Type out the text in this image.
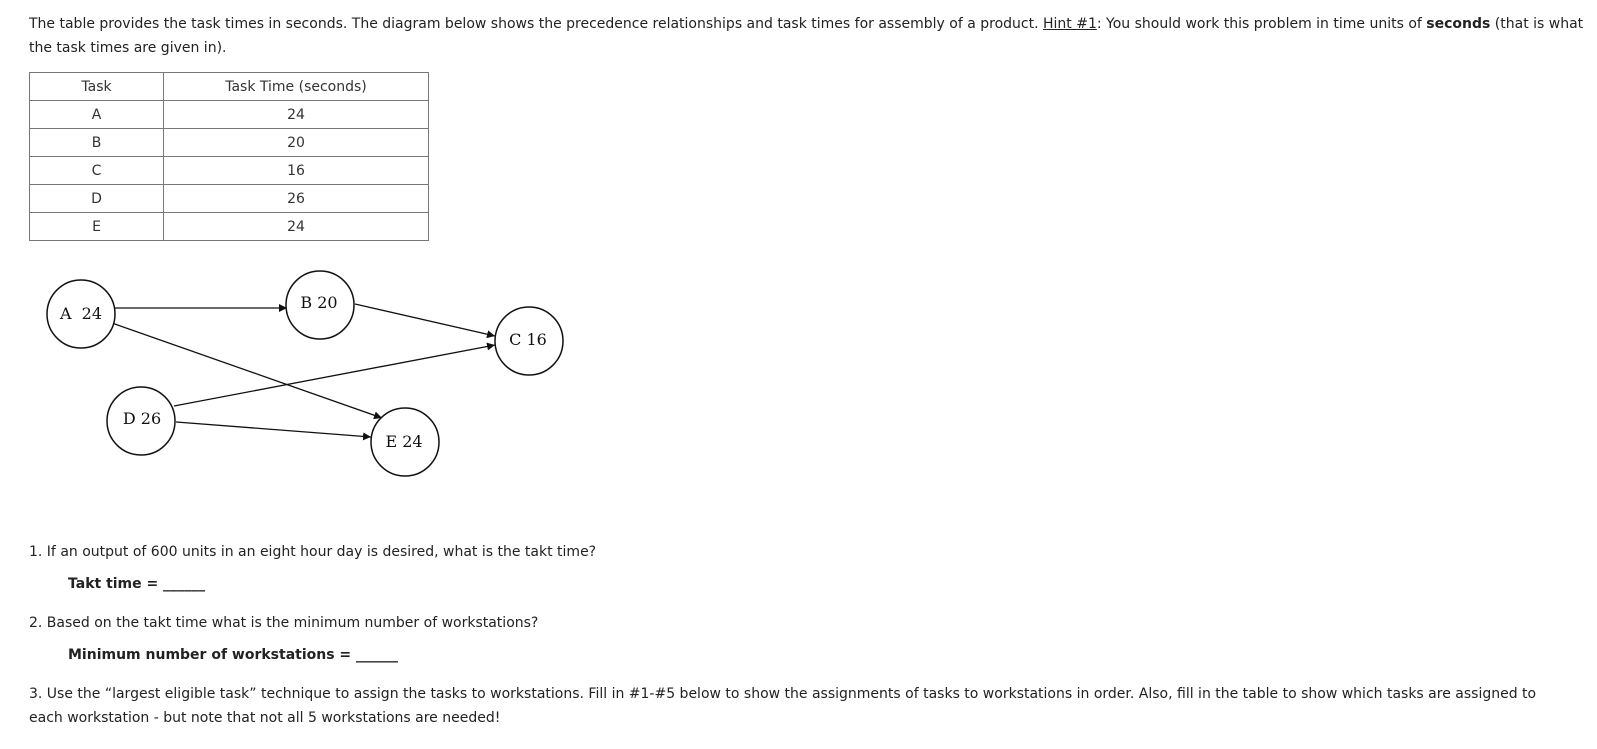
The table provides the task times in seconds. The diagram below shows the precedence relationships and task times for assembly of a product. Hint #1: You should work this problem in time units of seconds (that is what the task times are given in).

Task	Task Time (seconds)
A	24
B	20
C	16
D	26
E	24
A  24
B 20
C 16
D 26
E 24

1. If an output of 600 units in an eight hour day is desired, what is the takt time?

Takt time = ______

2. Based on the takt time what is the minimum number of workstations?

Minimum number of workstations = ______

3. Use the “largest eligible task” technique to assign the tasks to workstations. Fill in #1-#5 below to show the assignments of tasks to workstations in order. Also, fill in the table to show which tasks are assigned to each workstation - but note that not all 5 workstations are needed!
